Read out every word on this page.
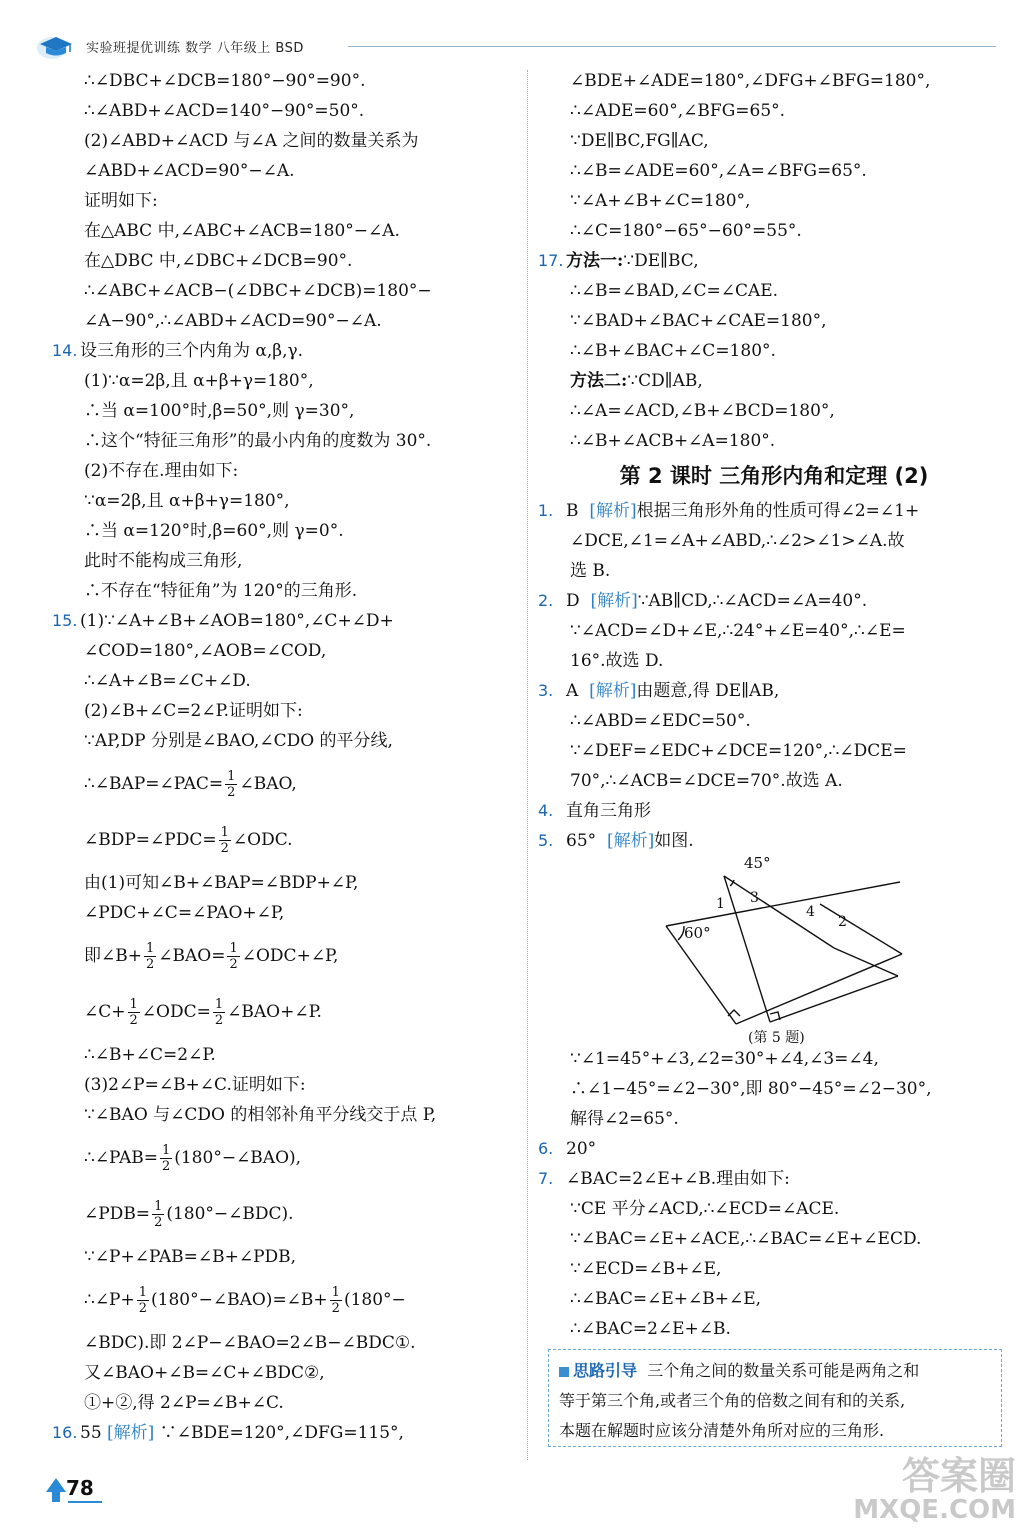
实验班提优训练 数学 八年级上 BSD
∴∠DBC+∠DCB=180°−90°=90°.
∴∠ABD+∠ACD=140°−90°=50°.
(2)∠ABD+∠ACD 与∠A 之间的数量关系为
∠ABD+∠ACD=90°−∠A.
证明如下:
在△ABC 中,∠ABC+∠ACB=180°−∠A.
在△DBC 中,∠DBC+∠DCB=90°.
∴∠ABC+∠ACB−(∠DBC+∠DCB)=180°−
∠A−90°,∴∠ABD+∠ACD=90°−∠A.
14. 设三角形的三个内角为 α,β,γ.
(1)∵α=2β,且 α+β+γ=180°,
∴当 α=100°时,β=50°,则 γ=30°,
∴这个“特征三角形”的最小内角的度数为 30°.
(2)不存在.理由如下:
∵α=2β,且 α+β+γ=180°,
∴当 α=120°时,β=60°,则 γ=0°.
此时不能构成三角形,
∴不存在“特征角”为 120°的三角形.
15. (1)∵∠A+∠B+∠AOB=180°,∠C+∠D+
∠COD=180°,∠AOB=∠COD,
∴∠A+∠B=∠C+∠D.
(2)∠B+∠C=2∠P.证明如下:
∵AP,DP 分别是∠BAO,∠CDO 的平分线,
∴∠BAP=∠PAC= $\frac{1}{2}$ ∠BAO,
∠BDP=∠PDC= $\frac{1}{2}$ ∠ODC.
由(1)可知∠B+∠BAP=∠BDP+∠P,
∠PDC+∠C=∠PAO+∠P,
即∠B+ $\frac{1}{2}$ ∠BAO= $\frac{1}{2}$ ∠ODC+∠P,
∠C+ $\frac{1}{2}$ ∠ODC= $\frac{1}{2}$ ∠BAO+∠P.
∴∠B+∠C=2∠P.
(3)2∠P=∠B+∠C.证明如下:
∵∠BAO 与∠CDO 的相邻补角平分线交于点 P,
∴∠PAB= $\frac{1}{2}$ (180°−∠BAO),
∠PDB= $\frac{1}{2}$ (180°−∠BDC).
∵∠P+∠PAB=∠B+∠PDB,
∴∠P+ $\frac{1}{2}$ (180°−∠BAO)=∠B+ $\frac{1}{2} (180^\circ-$
∠BDC).即 2∠P−∠BAO=2∠B−∠BDC①.
又∠BAO+∠B=∠C+∠BDC②,
①+②,得 2∠P=∠B+∠C.
16. 55 [解析] ∵∠BDE=120°,∠DFG=115°,
∠BDE+∠ADE=180°,∠DFG+∠BFG=180°,
∴∠ADE=60°,∠BFG=65°.
∵DE∥BC,FG∥AC,
∴∠B=∠ADE=60°,∠A=∠BFG=65°.
∵∠A+∠B+∠C=180°,
∴∠C=180°−65°−60°=55°.
17. 方法一:∵DE∥BC,
∴∠B=∠BAD,∠C=∠CAE.
∵∠BAD+∠BAC+∠CAE=180°,
∴∠B+∠BAC+∠C=180°.
方法二:∵CD∥AB,
∴∠A=∠ACD,∠B+∠BCD=180°,
∴∠B+∠ACB+∠A=180°.
第 2 课时 三角形内角和定理 (2)
1. B [解析]根据三角形外角的性质可得∠2=∠1+
∠DCE,∠1=∠A+∠ABD,∴∠2>∠1>∠A.故
选 B.
2. D [解析]∵AB∥CD,∴∠ACD=∠A=40°.
∵∠ACD=∠D+∠E,∴24°+∠E=40°,∴∠E=
16°.故选 D.
3. A [解析]由题意,得 DE∥AB,
∴∠ABD=∠EDC=50°.
∵∠DEF=∠EDC+∠DCE=120°,∴∠DCE=
70°,∴∠ACB=∠DCE=70°.故选 A.
4. 直角三角形
5. 65° [解析]如图.
45°
60°
1
2
3
4
(第 5 题)
∵∠1=45°+∠3,∠2=30°+∠4,∠3=∠4,
∴∠1−45°=∠2−30°,即 80°−45°=∠2−30°,
解得∠2=65°.
6. 20°
7. ∠BAC=2∠E+∠B.理由如下:
∵CE 平分∠ACD,∴∠ECD=∠ACE.
∵∠BAC=∠E+∠ACE,∴∠BAC=∠E+∠ECD.
∵∠ECD=∠B+∠E,
∴∠BAC=∠E+∠B+∠E,
∴∠BAC=2∠E+∠B.
思路引导 三个角之间的数量关系可能是两角之和
等于第三个角,或者三个角的倍数之间有和的关系,
本题在解题时应该分清楚外角所对应的三角形.
78	答案圈
MXQE.COM
